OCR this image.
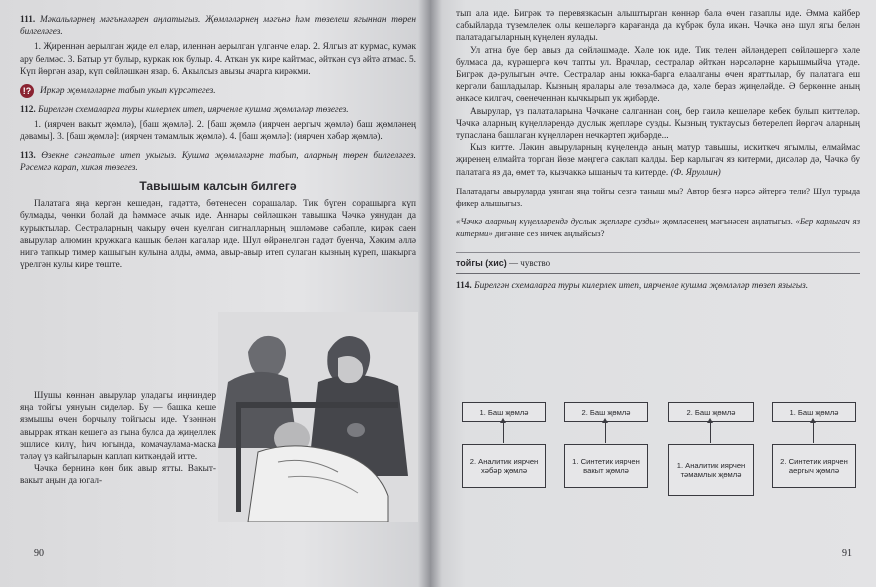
111. Мәкальләрнең мәгънәләрен аңлатыгыз. Җөмләләрнең мәгънә һәм төзелеш ягыннан төрен билгеләгез.

1. Җиреннән аерылган җиде ел елар, иленнән аерылган үлгәнче елар. 2. Ялгыз ат курмас, кумәк ару белмәс. 3. Батыр ут булыр, куркак юк булыр. 4. Аткан ук кире кайтмас, әйткән сүз әйтә атмас. 5. Күп йөргән азар, күп сөйләшкән язар. 6. Акылсыз авызы ачарга кирәкми.

!? Иркәр җөмләләрне табып укып күрсәтегез.

112. Бирелгән схемаларга туры килерлек итеп, иярченле кушма җөмләләр төзегез.

1. (иярчен вакыт җөмлә), [баш җөмлә]. 2. [баш җөмлә (иярчен аергыч җөмлә) баш җөмләнең дәвамы]. 3. [баш җөмлә]: (иярчен тәмамлык җөмлә). 4. [баш җөмлә]: (иярчен хәбәр җөмлә).

113. Өзекне сәнгатьле итеп укыгыз. Кушма җөмләләрне табып, аларның төрен билгеләгез. Рәсемгә карап, хикәя төзегез.

Тавышым калсын билгегә

Палатага яңа кергән кешедән, гадәттә, бөтенесен сорашалар. Тик бүген сорашырга күп булмады, чөнки болай да һәммәсе ачык иде. Аннары сөйләшкән тавышка Чәчкә уянудан да курыктылар. Сестраларның чакыру өчен куелган сигналларның эшләмәве сәбәпле, кирәк саен авырулар алюмин кружкага кашык белән кагалар иде. Шул өйрәнелгән гадәт буенча, Хәким әллә нигә тапкыр тимер кашыгын кулына алды, әмма, авыр-авыр итеп сулаган кызның күреп, шакырга үрелгән кулы кире төште.

Шушы көннән авырулар уладагы иңниндер яңа тойгы уянуын сиделәр. Бу — башка кеше язмышы өчен борчылу тойгысы иде. Үзәннән авыррак яткан кешегә аз гына булса да җиңеллек эшлисе килү, һич югында, комачаулама-маска тәләү үз кайгыларын каплап киткәндәй итте.

Чәчкә бернинә көн бик авыр ятты. Вакыт-вакыт аңын да югал-

90

тып ала иде. Бигрәк тә перевязкасын алыштырган көннәр бала өчен газаплы иде. Әмма кайбер сабыйларда түземлелек олы кешеләргә карағанда да күбрәк була икән. Чәчкә әнә шул ягы белән палатадагыларның күңелен яулады.

Ул атна буе бер авыз да сөйләшмәде. Хәле юк иде. Тик телен әйләндереп сөйләшергә хәле булмаса да, күрәшергә көч тапты ул. Врачлар, сестралар әйткән нәрсәләрне карышмыйча үтәде. Бигрәк дә-рулыгын әчте. Сестралар аны юкка-барга елаалганы өчен яраттылар, бу палатага еш кергәли башладылар. Кызның яралары әле төзәлмәсә дә, хәле бераз җиңеләйде. Ә беркөнне аның әнкәсе килгәч, сөенеченнән кычкырып ук җибәрде.

Авырулар, үз палаталарына Чәчкәне салганнан соң, бер гаилә кешеләре кебек булып киттеләр. Чәчкә аларның күңелләрендә дуслык җепләре сузды. Кызның туктаусыз бөтерелеп йөргәч аларның тупаслана башлаган күңелләрен нечкәртеп җибәрде...

Кыз китте. Ләкин авыруларның күңелендә аның матур тавышы, искиткеч ягымлы, елмаймас җиренең елмайта торган йөзе мәңгегә саклап калды. Бер карлыгач яз китерми, дисәләр дә, Чәчкә бу палатага яз да, өмет тә, кызчаккә ышаныч та китерде. (Ф. Яруллин)

Палатадагы авыруларда уянган яңа тойгы сезгә таныш мы? Автор безгә нәрсә әйтергә тели? Шул турыда фикер алышыгыз.

«Чәчкә аларның күңелләрендә дуслык җепләре сузды» җөмләсенең мәгънәсен аңлатыгыз. «Бер карлыгач яз китерми» дигәнне сез ничек аңлыйсыз?

тойгы (хис)
— чувство

114. Бирелгән схемаларга туры килерлек итеп, иярченле кушма җөмләләр төзеп языгыз.

1. Баш җөмлә
2. Аналитик иярчен хәбәр җөмлә
2. Баш җөмлә
1. Синтетик иярчен вакыт җөмлә
2. Баш җөмлә
1. Аналитик иярчен тәмамлык җөмлә
1. Баш җөмлә
2. Синтетик иярчен аергыч җөмлә
91
